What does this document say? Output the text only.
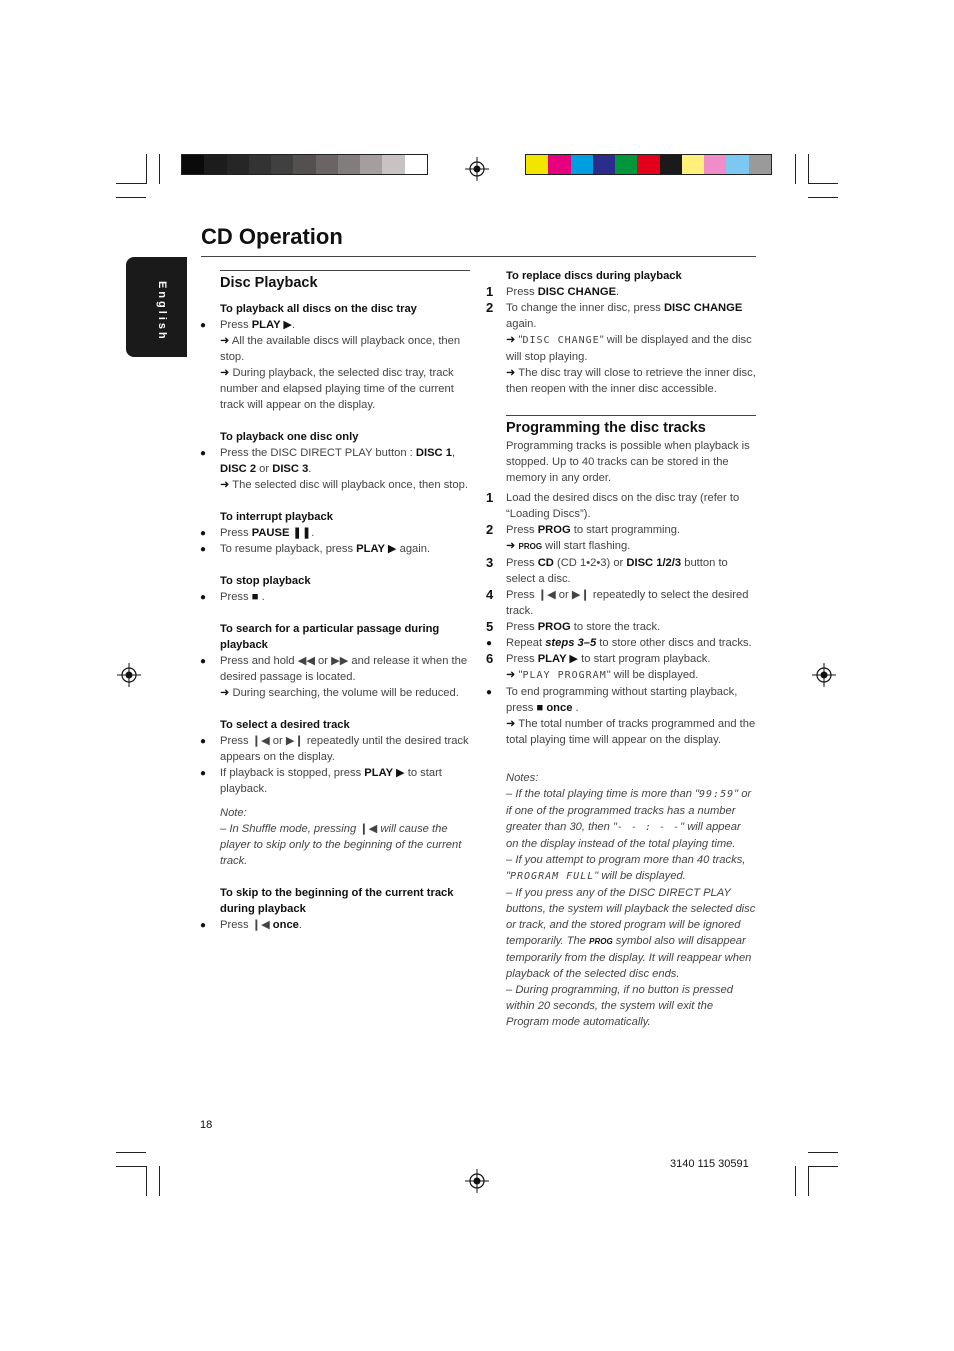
English
CD Operation
Disc Playback
To playback all discs on the disc tray
●	Press PLAY ▶.
➜ All the available discs will playback once, then stop.
➜ During playback, the selected disc tray, track number and elapsed playing time of the current track will appear on the display.
To playback one disc only
●	Press the DISC DIRECT PLAY button : DISC 1, DISC 2 or DISC 3.
➜ The selected disc will playback once, then stop.
To interrupt playback
●	Press PAUSE ❚❚.
●	To resume playback, press PLAY ▶ again.
To stop playback
●	Press ■ .
To search for a particular passage during playback
●	Press and hold ◀◀ or ▶▶ and release it when the desired passage is located.
➜ During searching, the volume will be reduced.
To select a desired track
●	Press ❙◀ or ▶❙ repeatedly until the desired track appears on the display.
●	If playback is stopped, press PLAY ▶ to start playback.
Note:
– In Shuffle mode, pressing ❙◀ will cause the player to skip only to the beginning of the current track.
To skip to the beginning of the current track during playback
●	Press ❙◀ once.
To replace discs during playback
1	Press DISC CHANGE.
2	To change the inner disc, press DISC CHANGE again.
➜ "DISC CHANGE" will be displayed and the disc will stop playing.
➜ The disc tray will close to retrieve the inner disc, then reopen with the inner disc accessible.
Programming the disc tracks
Programming tracks is possible when playback is stopped. Up to 40 tracks can be stored in the memory in any order.
1	Load the desired discs on the disc tray (refer to “Loading Discs”).
2	Press PROG to start programming.
➜ PROG will start flashing.
3	Press CD (CD 1•2•3) or DISC 1/2/3 button to select a disc.
4	Press ❙◀ or ▶❙ repeatedly to select the desired track.
5	Press PROG to store the track.
●	Repeat steps 3–5 to store other discs and tracks.
6	Press PLAY ▶ to start program playback.
➜ "PLAY PROGRAM" will be displayed.
●	To end programming without starting playback, press ■ once .
➜ The total number of tracks programmed and the total playing time will appear on the display.
Notes:
– If the total playing time is more than "99:59" or if one of the programmed tracks has a number greater than 30, then "- - : - -" will appear on the display instead of the total playing time.
– If you attempt to program more than 40 tracks, "PROGRAM FULL" will be displayed.
– If you press any of the DISC DIRECT PLAY buttons, the system will playback the selected disc or track, and the stored program will be ignored temporarily. The PROG symbol also will disappear temporarily from the display. It will reappear when playback of the selected disc ends.
– During programming, if no button is pressed within 20 seconds, the system will exit the Program mode automatically.
18
3140 115 30591
